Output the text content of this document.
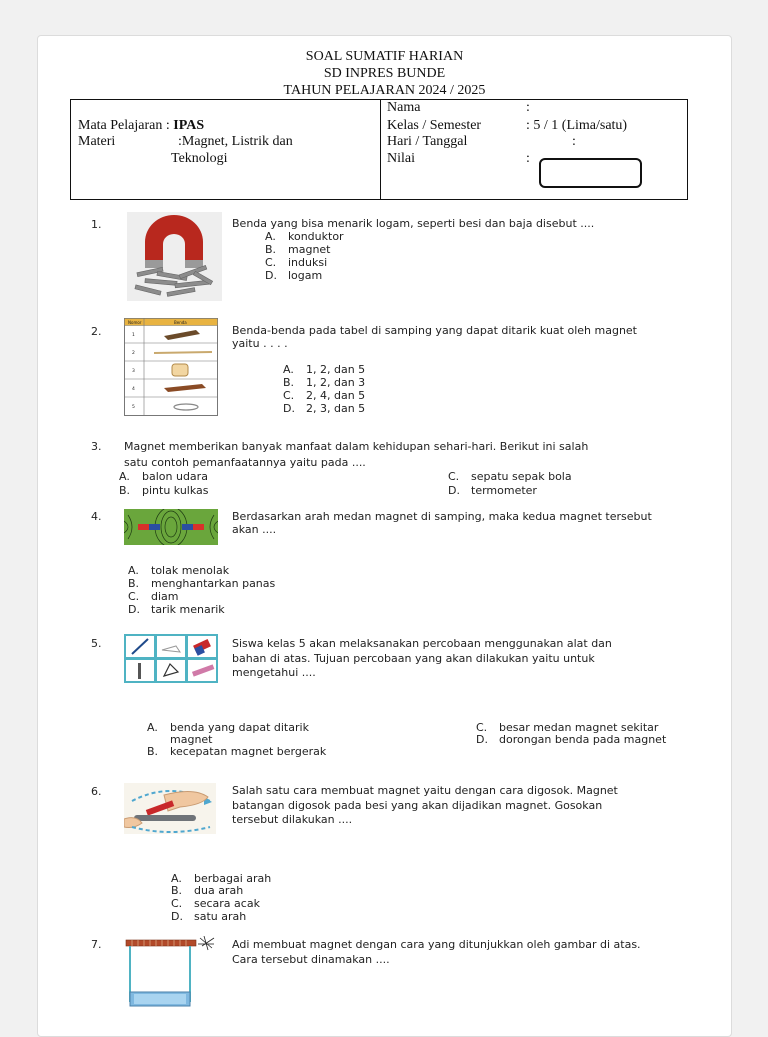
SOAL SUMATIF HARIAN
SD INPRES BUNDE
TAHUN PELAJARAN 2024 / 2025
Mata Pelajaran : IPAS
Materi	:Magnet, Listrik dan
Teknologi
Nama	:
Kelas / Semester	: 5 / 1 (Lima/satu)
Hari / Tanggal	:
Nilai	:
1.	Benda yang bisa menarik logam, seperti besi dan baja disebut ....
A. konduktor
B. magnet
C. induksi
D. logam
2.
Nomor	Benda
1
2
3
4
5
Benda-benda pada tabel di samping yang dapat ditarik kuat oleh magnet
yaitu . . . .
A. 1, 2, dan 5
B. 1, 2, dan 3
C. 2, 4, dan 5
D. 2, 3, dan 5
3. Magnet memberikan banyak manfaat dalam kehidupan sehari-hari. Berikut ini salah
satu contoh pemanfaatannya yaitu pada ....
A. balon udara
B. pintu kulkas
C. sepatu sepak bola
D. termometer
4.	Berdasarkan arah medan magnet di samping, maka kedua magnet tersebut
akan ....
A. tolak menolak
B. menghantarkan panas
C. diam
D. tarik menarik
5.	Siswa kelas 5 akan melaksanakan percobaan menggunakan alat dan
bahan di atas. Tujuan percobaan yang akan dilakukan yaitu untuk
mengetahui ....
A. benda yang dapat ditarik
magnet
B. kecepatan magnet bergerak
C. besar medan magnet sekitar
D. dorongan benda pada magnet
6.	Salah satu cara membuat magnet yaitu dengan cara digosok. Magnet
batangan digosok pada besi yang akan dijadikan magnet. Gosokan
tersebut dilakukan ....
A. berbagai arah
B. dua arah
C. secara acak
D. satu arah
7.	Adi membuat magnet dengan cara yang ditunjukkan oleh gambar di atas.
Cara tersebut dinamakan ....
